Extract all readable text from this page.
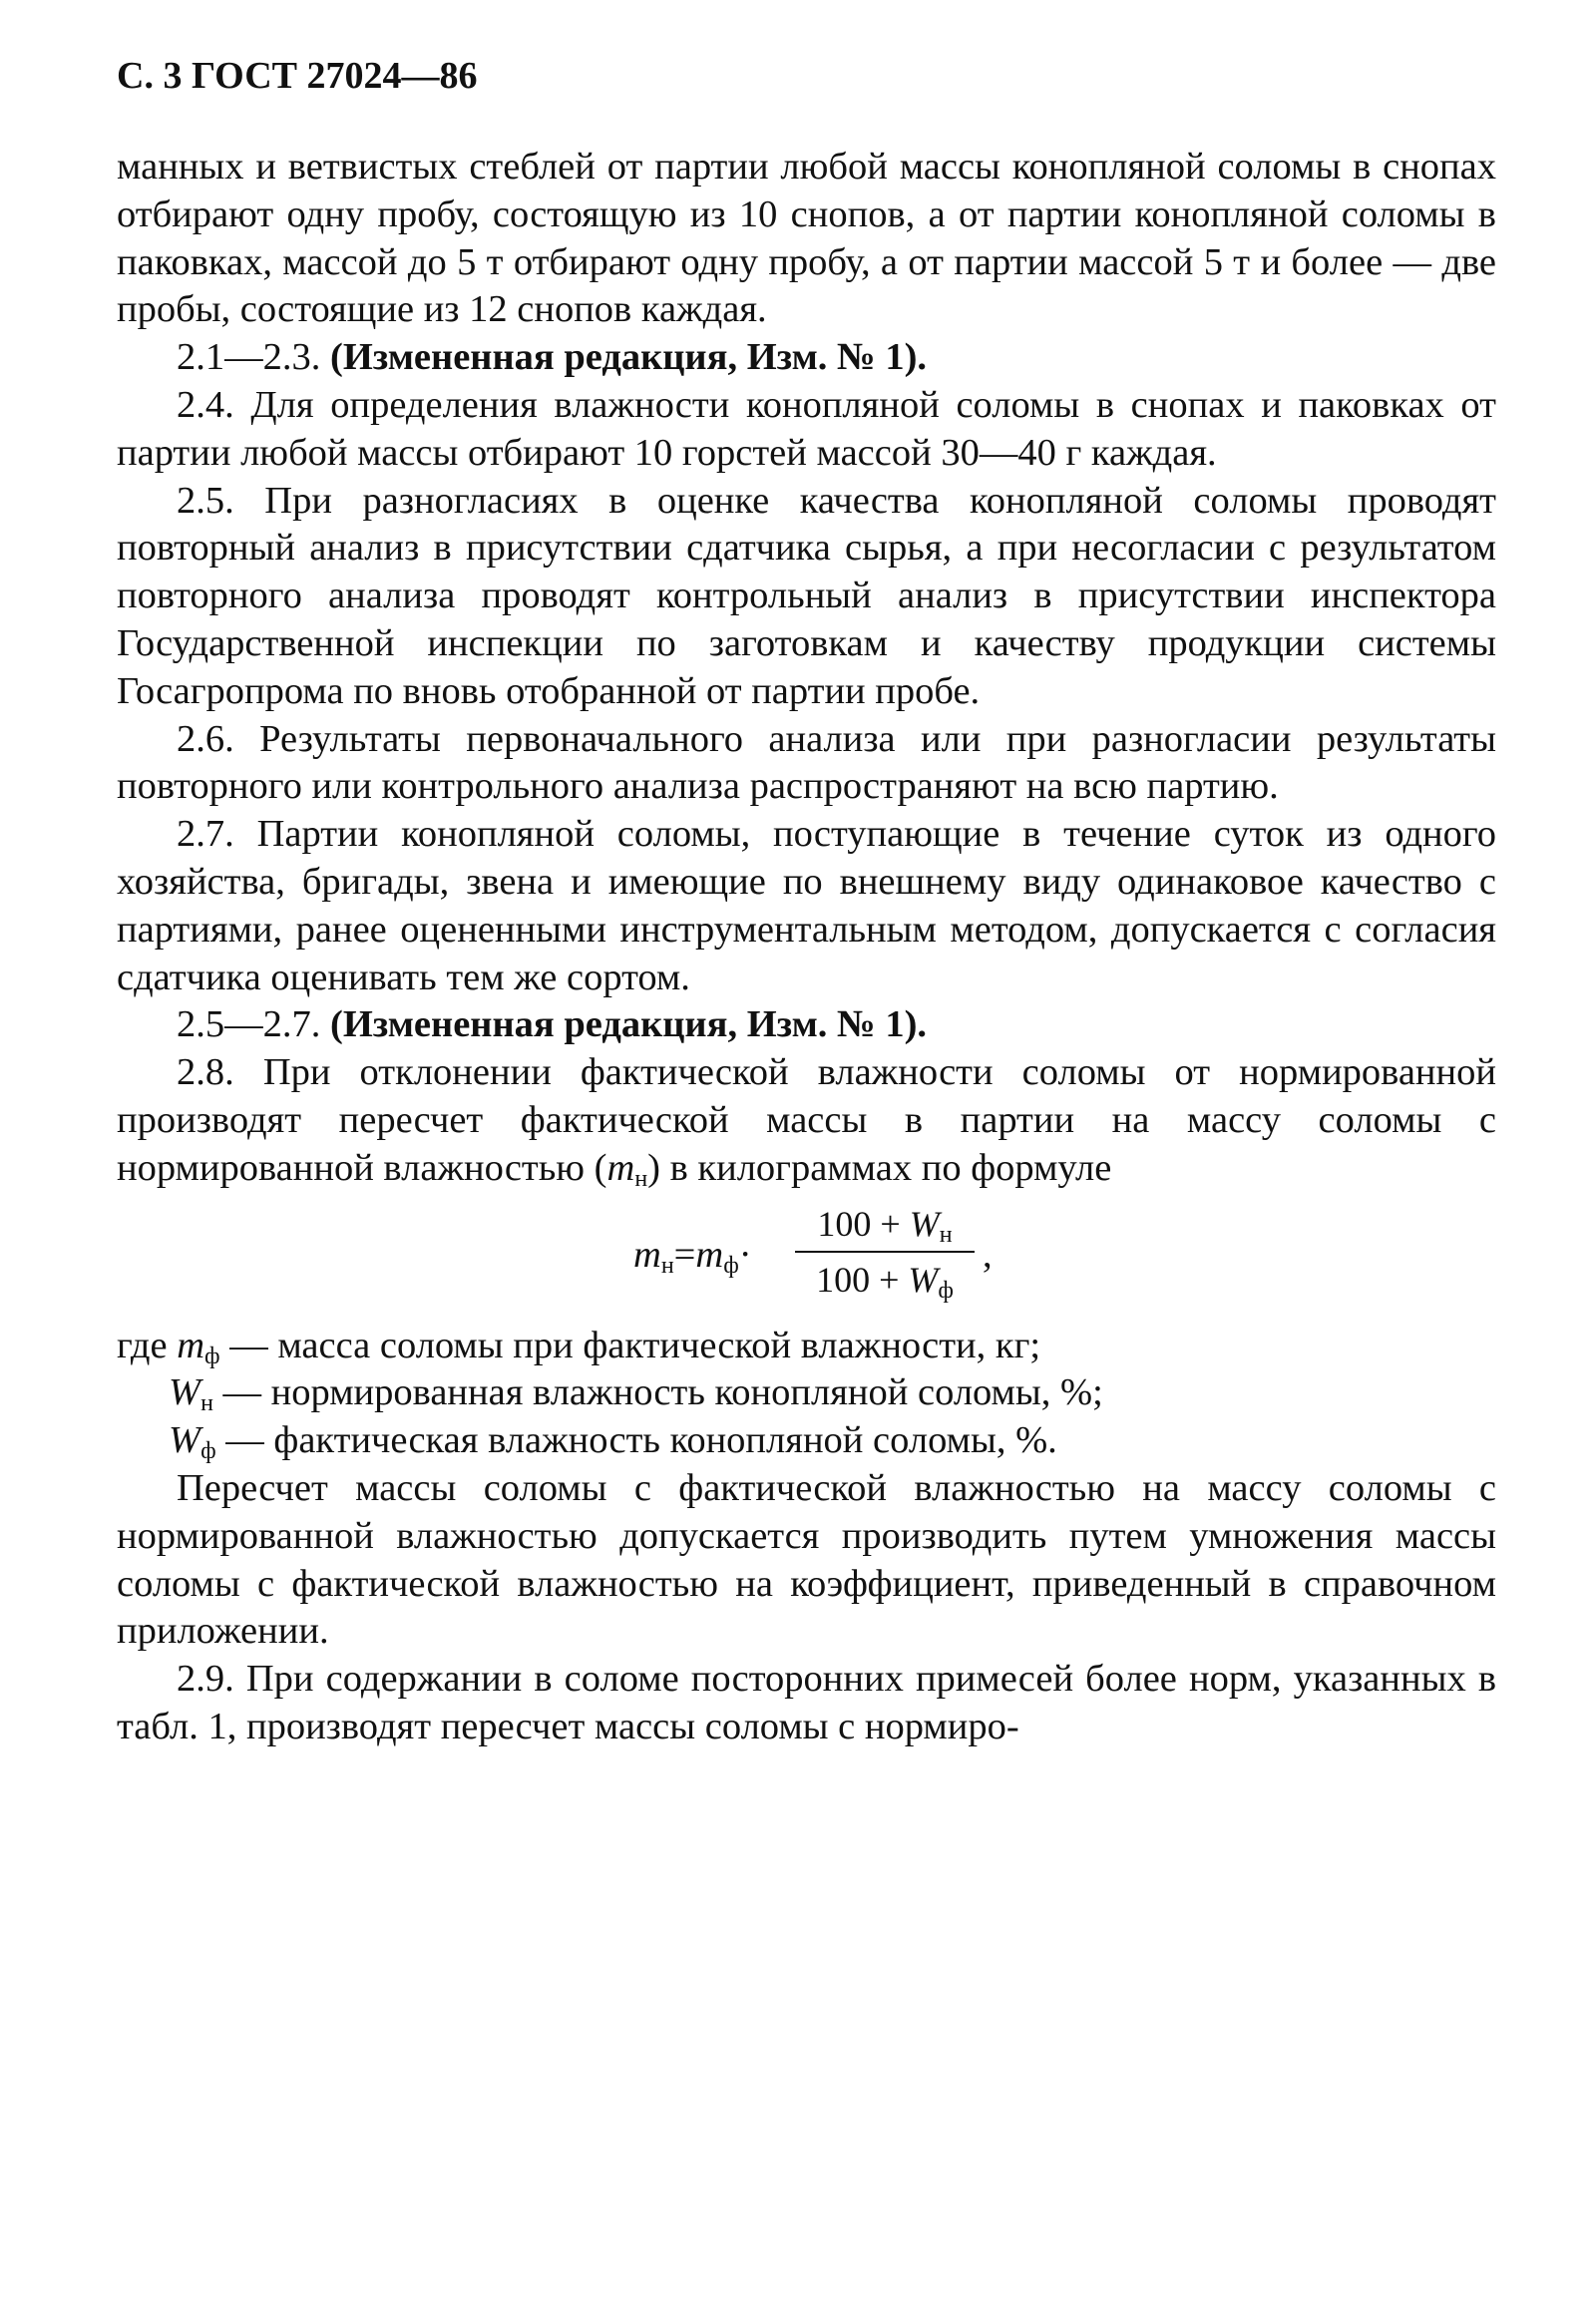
С. 3 ГОСТ 27024—86

манных и ветвистых стеблей от партии любой массы конопляной соломы в снопах отбирают одну пробу, состоящую из 10 снопов, а от партии конопляной соломы в паковках, массой до 5 т отбирают одну пробу, а от партии массой 5 т и более — две пробы, состоящие из 12 снопов каждая.

2.1—2.3. (Измененная редакция, Изм. № 1).

2.4. Для определения влажности конопляной соломы в снопах и паковках от партии любой массы отбирают 10 горстей массой 30—40 г каждая.

2.5. При разногласиях в оценке качества конопляной соломы проводят повторный анализ в присутствии сдатчика сырья, а при несогласии с результатом повторного анализа проводят контрольный анализ в присутствии инспектора Государственной инспекции по заготовкам и качеству продукции системы Госагропрома по вновь отобранной от партии пробе.

2.6. Результаты первоначального анализа или при разногласии результаты повторного или контрольного анализа распространяют на всю партию.

2.7. Партии конопляной соломы, поступающие в течение суток из одного хозяйства, бригады, звена и имеющие по внешнему виду одинаковое качество с партиями, ранее оцененными инструментальным методом, допускается с согласия сдатчика оценивать тем же сортом.

2.5—2.7. (Измененная редакция, Изм. № 1).

2.8. При отклонении фактической влажности соломы от нормированной производят пересчет фактической массы в партии на массу соломы с нормированной влажностью $(m_н)$ в килограммах по формуле

$m_н=m_ф\cdot$
$100 + W_н$
$100 + W_ф$
,
где $m_ф$ — масса соломы при фактической влажности, кг;
$W_н$ — нормированная влажность конопляной соломы, %;
$W_ф$ — фактическая влажность конопляной соломы, %.

Пересчет массы соломы с фактической влажностью на массу соломы с нормированной влажностью допускается производить путем умножения массы соломы с фактической влажностью на коэффициент, приведенный в справочном приложении.

2.9. При содержании в соломе посторонних примесей более норм, указанных в табл. 1, производят пересчет массы соломы с нормиро-
